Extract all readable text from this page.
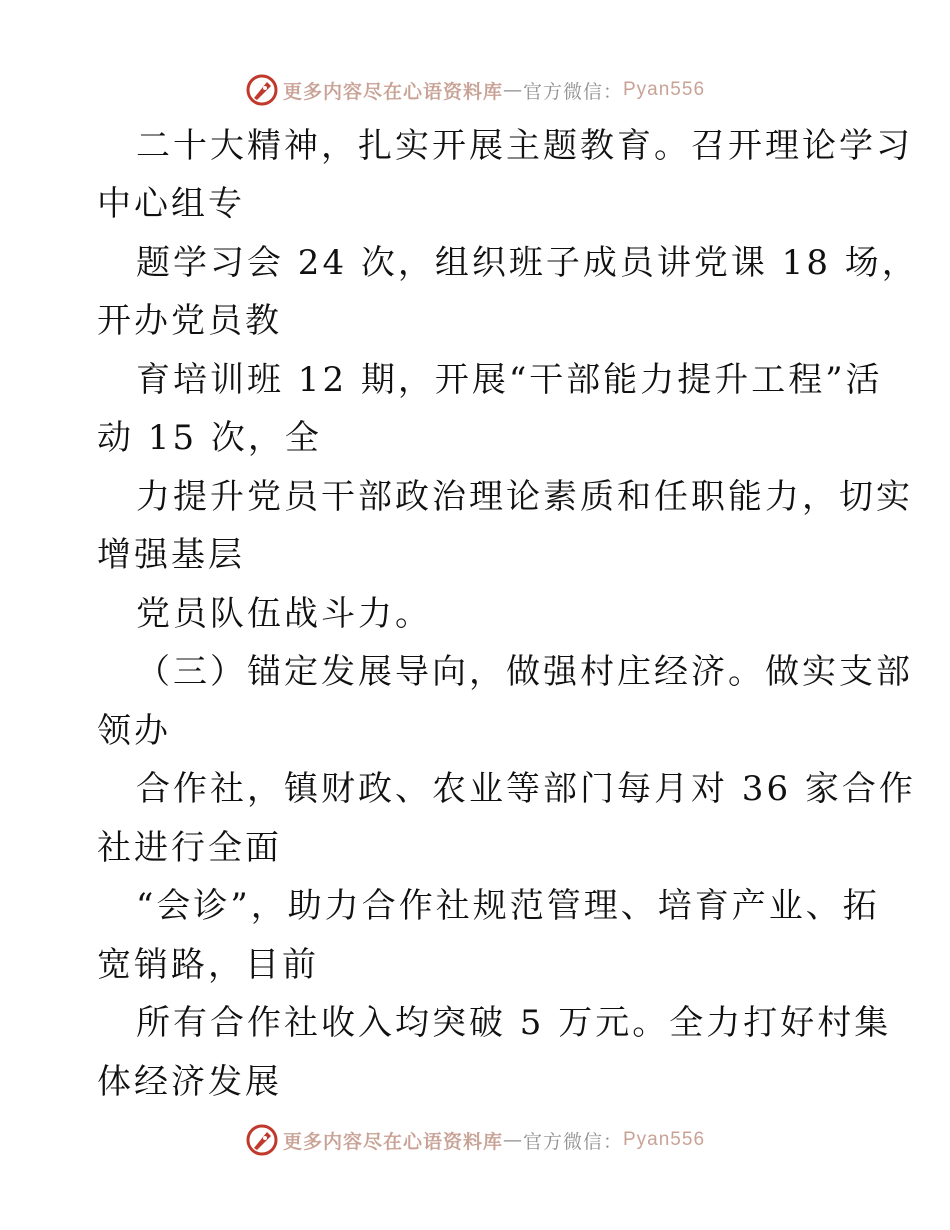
更多内容尽在心语资料库 — 官方微信： Pyan556
二十大精神，扎实开展主题教育。召开理论学习
中心组专
题学习会 24 次，组织班子成员讲党课 18 场，
开办党员教
育培训班 12 期，开展“干部能力提升工程”活
动 15 次，全
力提升党员干部政治理论素质和任职能力，切实
增强基层
党员队伍战斗力。
（三）锚定发展导向，做强村庄经济。做实支部
领办
合作社，镇财政、农业等部门每月对 36 家合作
社进行全面
“会诊”，助力合作社规范管理、培育产业、拓
宽销路，目前
所有合作社收入均突破 5 万元。全力打好村集
体经济发展
更多内容尽在心语资料库 — 官方微信： Pyan556
